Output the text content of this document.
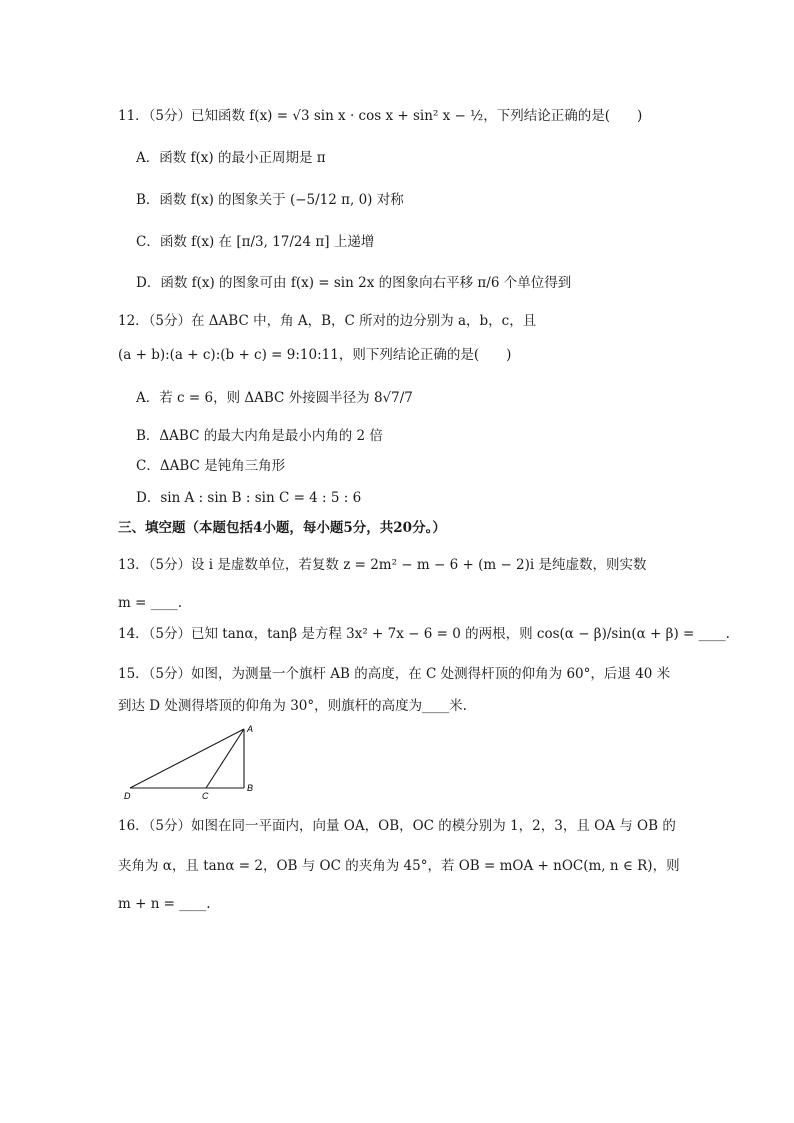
11．（5分）已知函数 f(x) = √3 sin x · cos x + sin² x − ½，下列结论正确的是(　　)
A．函数 f(x) 的最小正周期是 π
B．函数 f(x) 的图象关于 (−5/12 π, 0) 对称
C．函数 f(x) 在 [π/3, 17/24 π] 上递增
D．函数 f(x) 的图象可由 f(x) = sin 2x 的图象向右平移 π/6 个单位得到
12．（5分）在 ΔABC 中，角 A，B，C 所对的边分别为 a，b，c，且
(a + b):(a + c):(b + c) = 9:10:11，则下列结论正确的是(　　)
A．若 c = 6，则 ΔABC 外接圆半径为 8√7/7
B．ΔABC 的最大内角是最小内角的 2 倍
C．ΔABC 是钝角三角形
D．sin A : sin B : sin C = 4 : 5 : 6
三、填空题（本题包括4小题，每小题5分，共20分。）
13．（5分）设 i 是虚数单位，若复数 z = 2m² − m − 6 + (m − 2)i 是纯虚数，则实数
m = ____.
14．（5分）已知 tanα，tanβ 是方程 3x² + 7x − 6 = 0 的两根，则 cos(α − β)/sin(α + β) = ____.
15．（5分）如图，为测量一个旗杆 AB 的高度，在 C 处测得杆顶的仰角为 60°，后退 40 米
到达 D 处测得塔顶的仰角为 30°，则旗杆的高度为____米.
A
B
C
D
16．（5分）如图在同一平面内，向量 OA，OB，OC 的模分别为 1，2，3，且 OA 与 OB 的
夹角为 α，且 tanα = 2，OB 与 OC 的夹角为 45°，若 OB = mOA + nOC(m, n ∈ R)，则
m + n = ____.
